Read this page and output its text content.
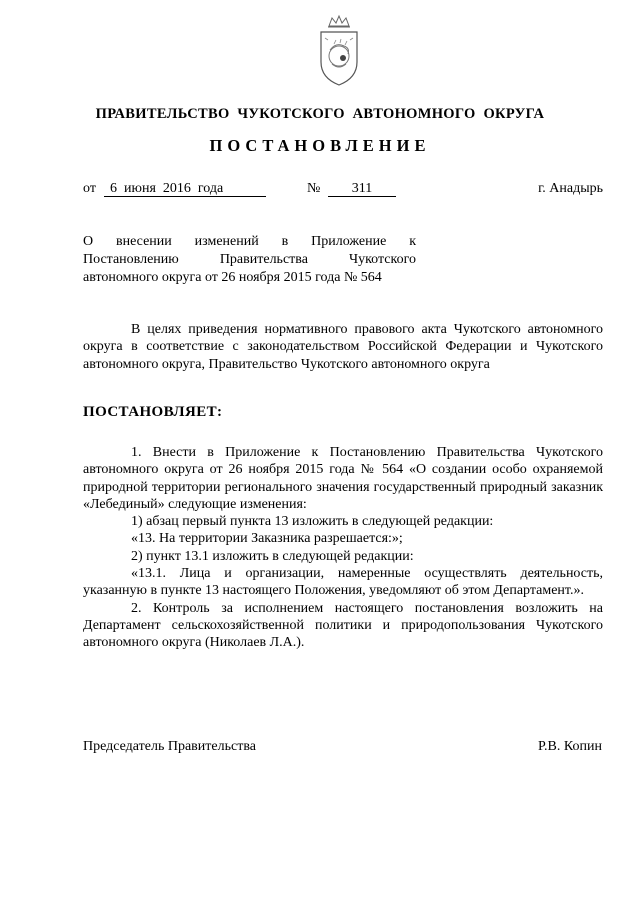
ПРАВИТЕЛЬСТВО  ЧУКОТСКОГО  АВТОНОМНОГО  ОКРУГА
ПОСТАНОВЛЕНИЕ
от	6  июня  2016  года	№	311	г. Анадырь
О внесении изменений в Приложение к Постановлению Правительства Чукотского автономного округа от 26 ноября 2015 года № 564
В целях приведения нормативного правового акта Чукотского автономного округа в соответствие с законодательством Российской Федерации и Чукотского автономного округа, Правительство Чукотского автономного округа
ПОСТАНОВЛЯЕТ:
1. Внести в Приложение к Постановлению Правительства Чукотского автономного округа от 26 ноября 2015 года № 564 «О создании особо охраняемой природной территории регионального значения государственный природный заказник «Лебединый» следующие изменения:
1) абзац первый пункта 13 изложить в следующей редакции:
«13. На территории Заказника разрешается:»;
2) пункт 13.1 изложить в следующей редакции:
«13.1. Лица и организации, намеренные осуществлять деятельность, указанную в пункте 13 настоящего Положения, уведомляют об этом Департамент.».
2. Контроль за исполнением настоящего постановления возложить на Департамент сельскохозяйственной политики и природопользования Чукотского автономного округа (Николаев Л.А.).
Председатель Правительства	Р.В. Копин
